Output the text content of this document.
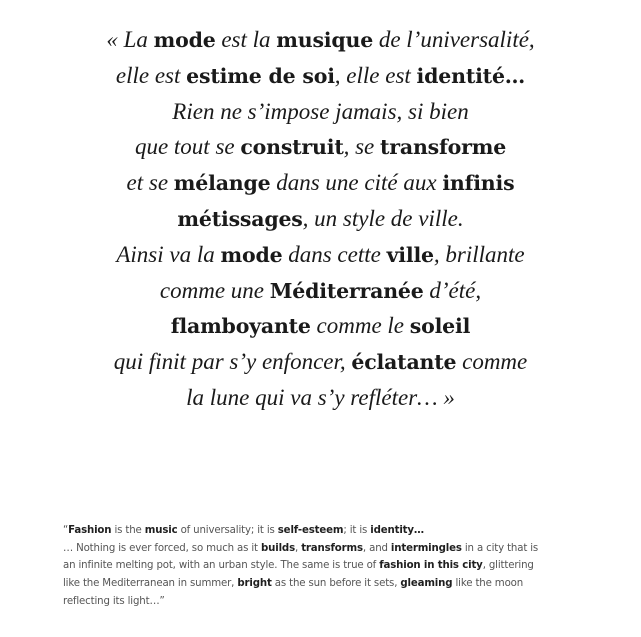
« La mode est la musique de l’universalité,
elle est estime de soi, elle est identité…
Rien ne s’impose jamais, si bien
que tout se construit, se transforme
et se mélange dans une cité aux infinis
métissages, un style de ville.
Ainsi va la mode dans cette ville, brillante
comme une Méditerranée d’été,
flamboyante comme le soleil
qui finit par s’y enfoncer, éclatante comme
la lune qui va s’y refléter… »
“Fashion is the music of universality; it is self-esteem; it is identity…
… Nothing is ever forced, so much as it builds, transforms, and intermingles in a city that is
an infinite melting pot, with an urban style. The same is true of fashion in this city, glittering
like the Mediterranean in summer, bright as the sun before it sets, gleaming like the moon
reflecting its light…”
